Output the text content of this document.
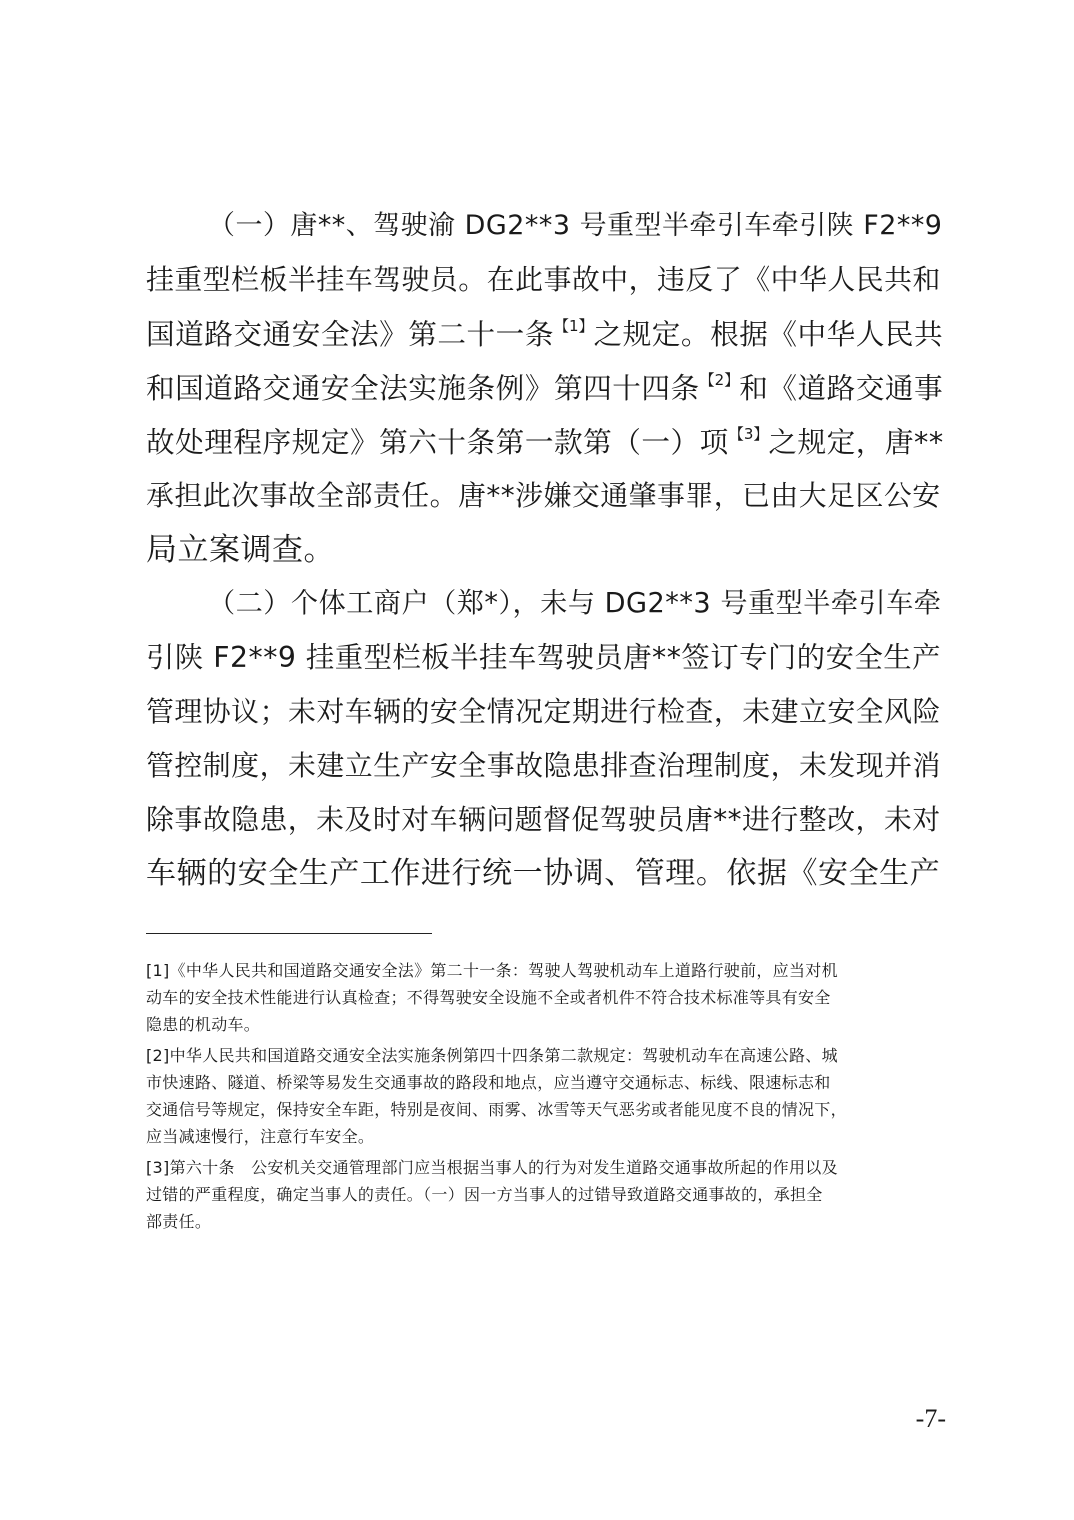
（一）唐**、驾驶渝 DG2**3 号重型半牵引车牵引陕 F2**9
挂重型栏板半挂车驾驶员。在此事故中，违反了《中华人民共和
国道路交通安全法》第二十一条$^{【1】}$之规定。根据《中华人民共
和国道路交通安全法实施条例》第四十四条$^{【2】}$和《道路交通事
故处理程序规定》第六十条第一款第（一）项$^{【3】}$之规定，唐**
承担此次事故全部责任。唐**涉嫌交通肇事罪，已由大足区公安
局立案调查。
（二）个体工商户（郑*），未与 DG2**3 号重型半牵引车牵
引陕 F2**9 挂重型栏板半挂车驾驶员唐**签订专门的安全生产
管理协议；未对车辆的安全情况定期进行检查，未建立安全风险
管控制度，未建立生产安全事故隐患排查治理制度，未发现并消
除事故隐患，未及时对车辆问题督促驾驶员唐**进行整改，未对
车辆的安全生产工作进行统一协调、管理。依据《安全生产
[1]《中华人民共和国道路交通安全法》第二十一条：驾驶人驾驶机动车上道路行驶前，应当对机
动车的安全技术性能进行认真检查；不得驾驶安全设施不全或者机件不符合技术标准等具有安全
隐患的机动车。
[2]中华人民共和国道路交通安全法实施条例第四十四条第二款规定：驾驶机动车在高速公路、城
市快速路、隧道、桥梁等易发生交通事故的路段和地点，应当遵守交通标志、标线、限速标志和
交通信号等规定，保持安全车距，特别是夜间、雨雾、冰雪等天气恶劣或者能见度不良的情况下，
应当减速慢行，注意行车安全。
[3]第六十条　公安机关交通管理部门应当根据当事人的行为对发生道路交通事故所起的作用以及
过错的严重程度，确定当事人的责任。（一）因一方当事人的过错导致道路交通事故的，承担全
部责任。
-7-
